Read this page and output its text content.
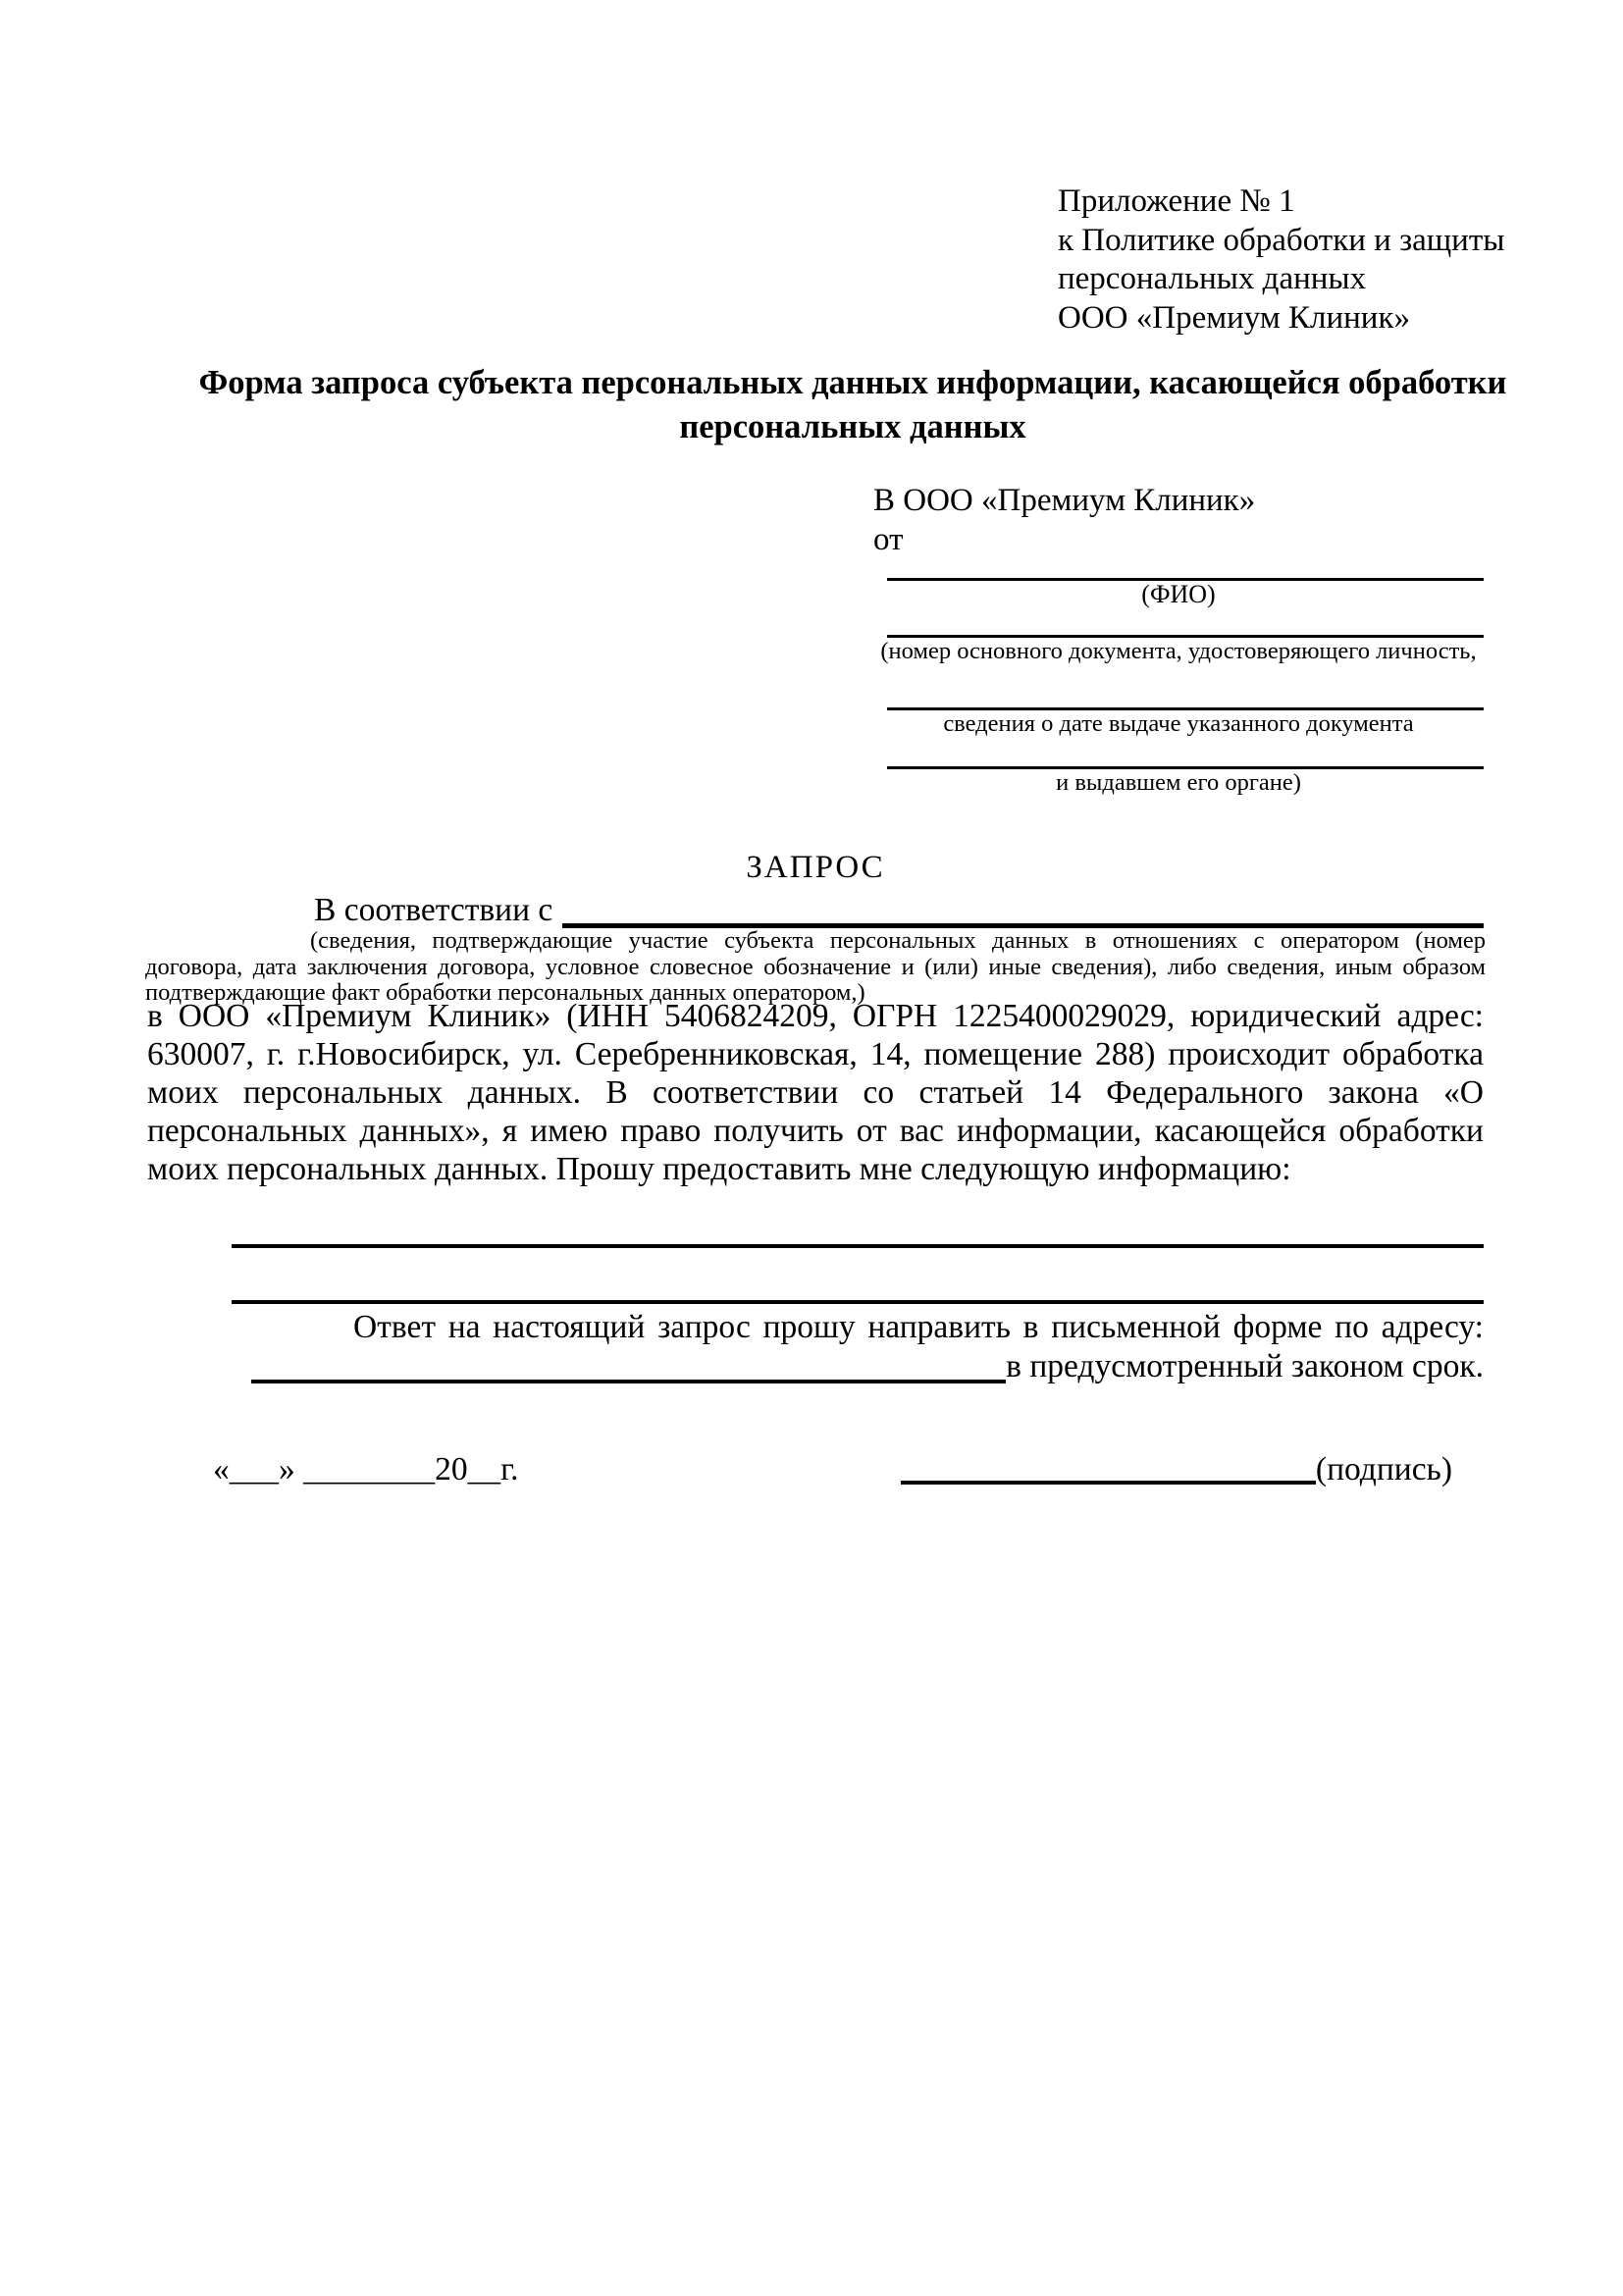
Приложение № 1
к Политике обработки и защиты
персональных данных
ООО «Премиум Клиник»
Форма запроса субъекта персональных данных информации, касающейся обработки персональных данных
В ООО «Премиум Клиник»
от
(ФИО)
(номер основного документа, удостоверяющего личность,
сведения о дате выдаче указанного документа
и выдавшем его органе)
ЗАПРОС
В соответствии с
(сведения, подтверждающие участие субъекта персональных данных в отношениях с оператором (номер договора, дата заключения договора, условное словесное обозначение и (или) иные сведения), либо сведения, иным образом подтверждающие факт обработки персональных данных оператором,)
в ООО «Премиум Клиник» (ИНН 5406824209, ОГРН 1225400029029, юридический адрес: 630007, г. г.Новосибирск, ул. Серебренниковская, 14, помещение 288) происходит обработка моих персональных данных. В соответствии со статьей 14 Федерального закона «О персональных данных», я имею право получить от вас информации, касающейся обработки моих персональных данных. Прошу предоставить мне следующую информацию:
Ответ на настоящий запрос прошу направить в письменной форме по адресу:
в предусмотренный законом срок.
«___» ________20__г.	(подпись)
